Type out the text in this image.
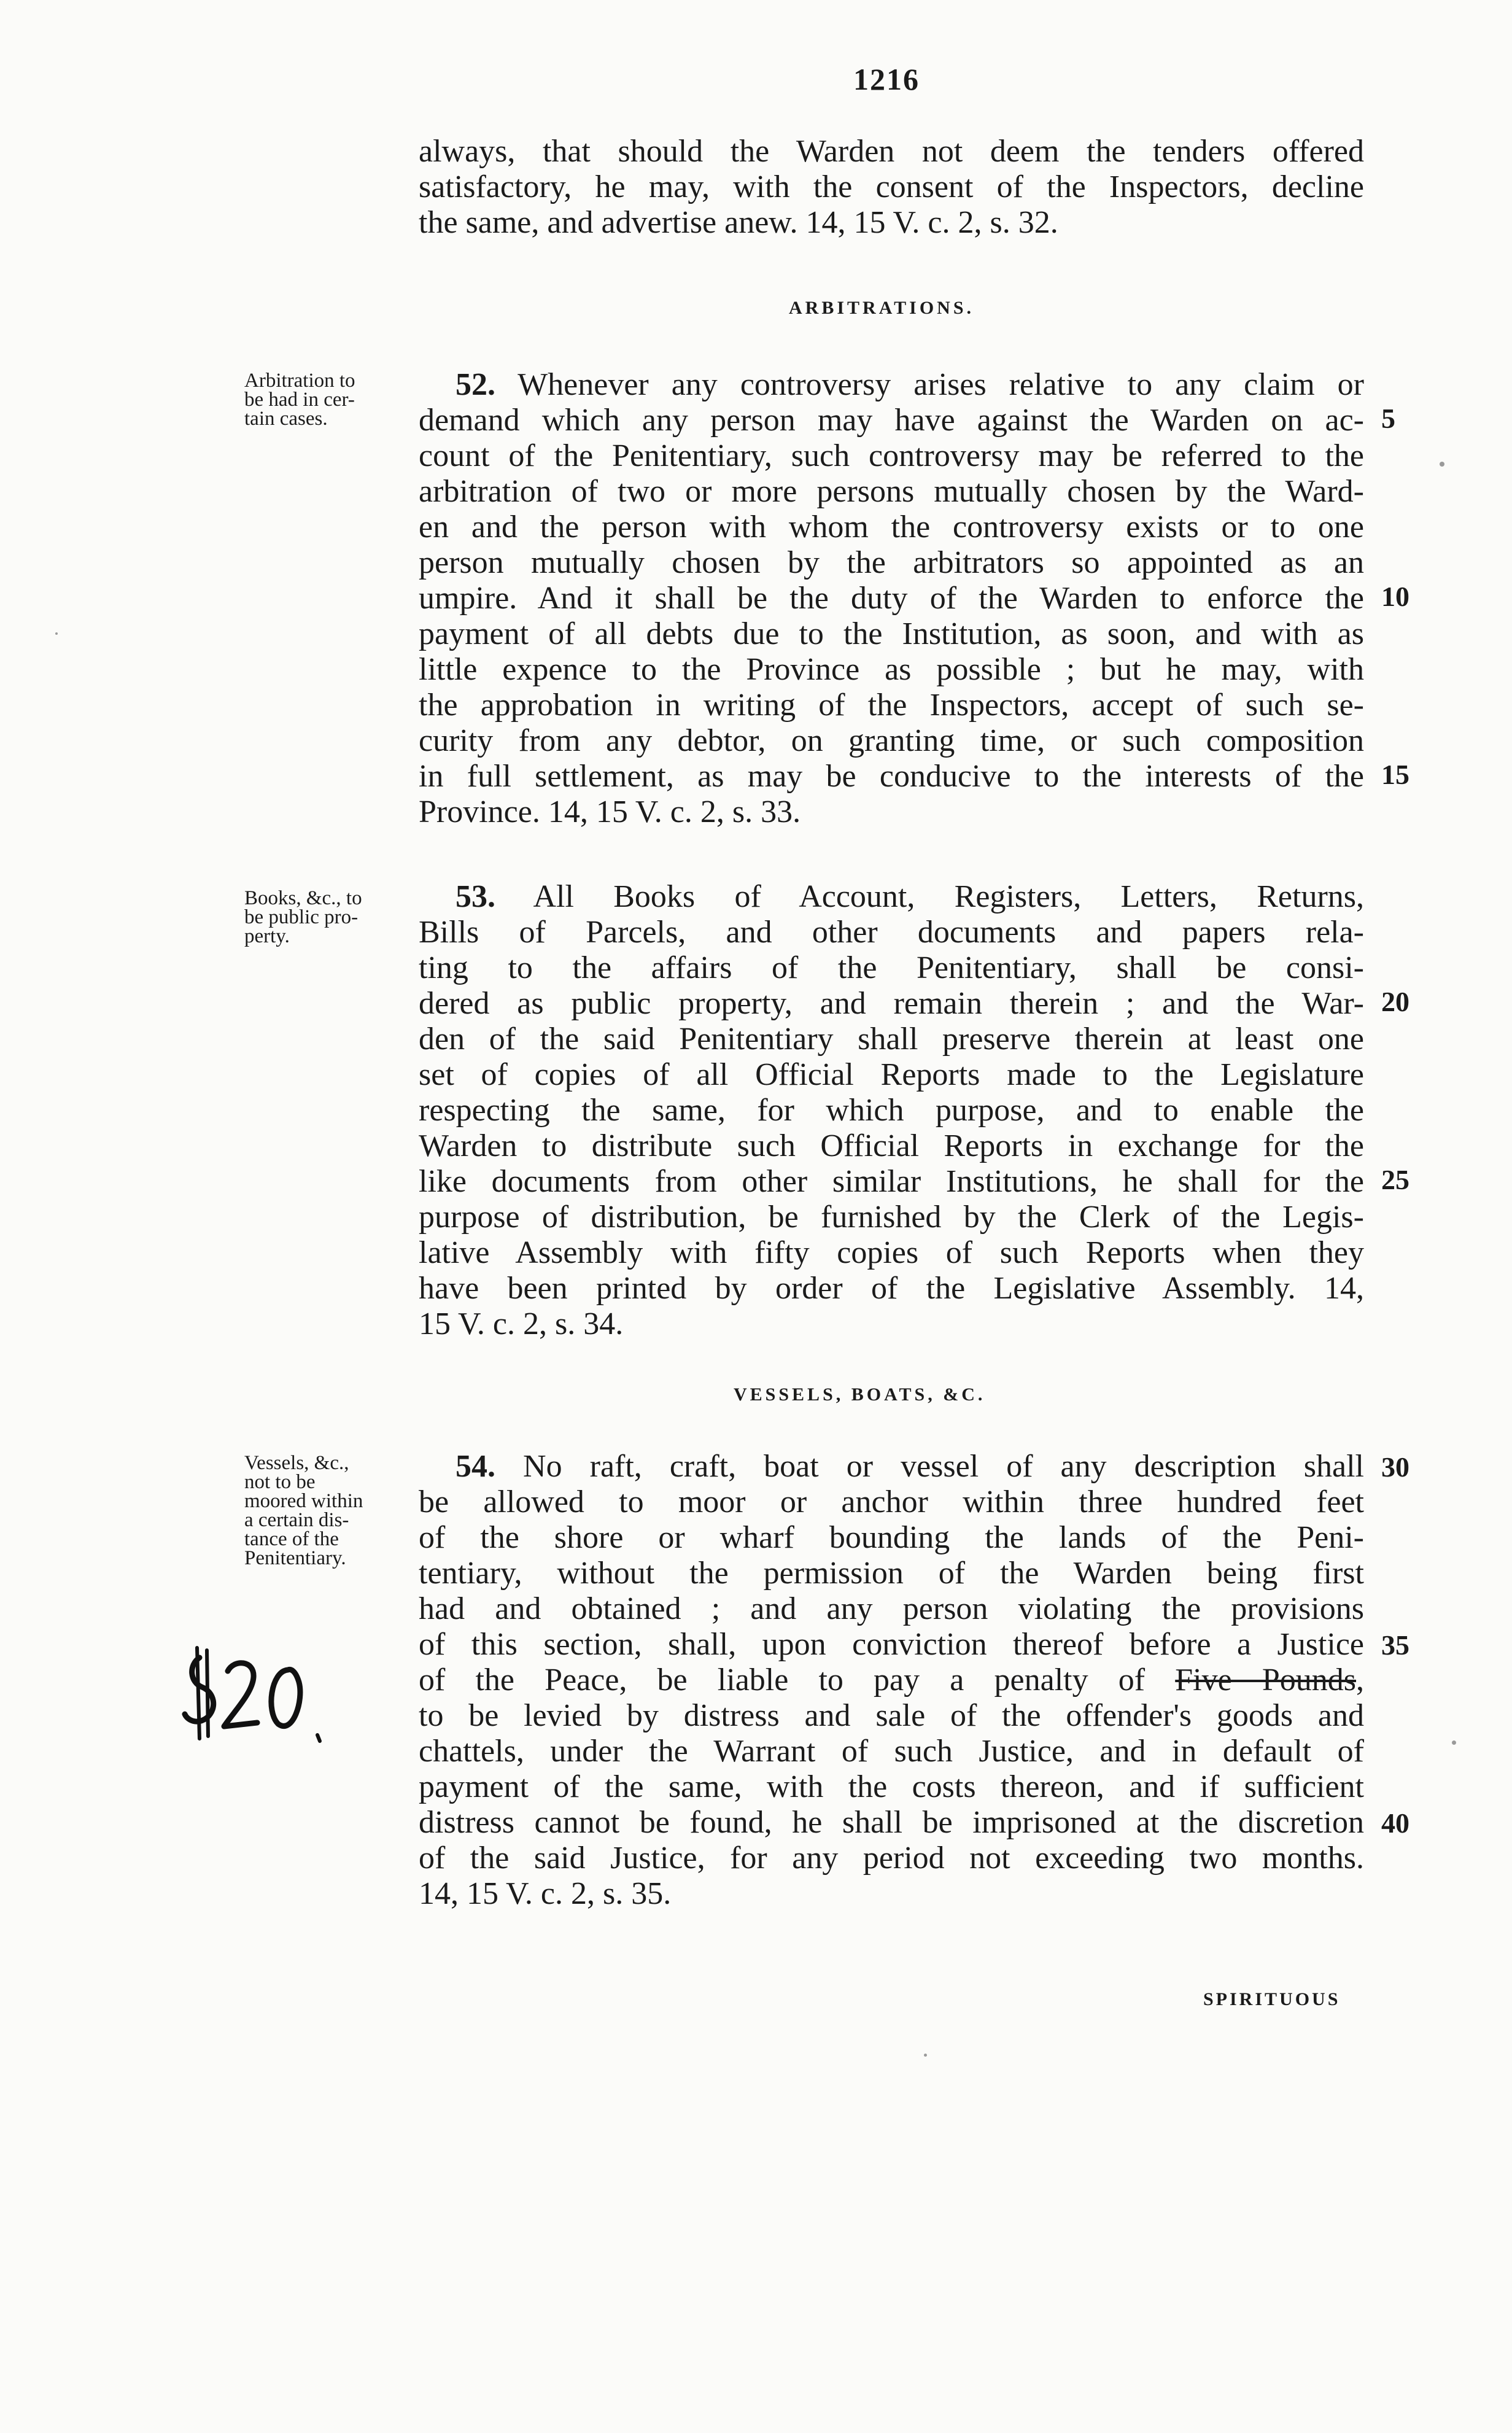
1216
always, that should the Warden not deem the tenders offered
satisfactory, he may, with the consent of the Inspectors, decline
the same, and advertise anew. 14, 15 V. c. 2, s. 32.
ARBITRATIONS.
Arbitration to
be had in cer-
tain cases.
52. Whenever any controversy arises relative to any claim or
demand which any person may have against the Warden on ac-
count of the Penitentiary, such controversy may be referred to the
arbitration of two or more persons mutually chosen by the Ward-
en and the person with whom the controversy exists or to one
person mutually chosen by the arbitrators so appointed as an
umpire. And it shall be the duty of the Warden to enforce the
payment of all debts due to the Institution, as soon, and with as
little expence to the Province as possible ; but he may, with
the approbation in writing of the Inspectors, accept of such se-
curity from any debtor, on granting time, or such composition
in full settlement, as may be conducive to the interests of the
Province. 14, 15 V. c. 2, s. 33.
Books, &c., to
be public pro-
perty.
53. All Books of Account, Registers, Letters, Returns,
Bills of Parcels, and other documents and papers rela-
ting to the affairs of the Penitentiary, shall be consi-
dered as public property, and remain therein ; and the War-
den of the said Penitentiary shall preserve therein at least one
set of copies of all Official Reports made to the Legislature
respecting the same, for which purpose, and to enable the
Warden to distribute such Official Reports in exchange for the
like documents from other similar Institutions, he shall for the
purpose of distribution, be furnished by the Clerk of the Legis-
lative Assembly with fifty copies of such Reports when they
have been printed by order of the Legislative Assembly. 14,
15 V. c. 2, s. 34.
VESSELS, BOATS, &C.
Vessels, &c.,
not to be
moored within
a certain dis-
tance of the
Penitentiary.
54. No raft, craft, boat or vessel of any description shall
be allowed to moor or anchor within three hundred feet
of the shore or wharf bounding the lands of the Peni-
tentiary, without the permission of the Warden being first
had and obtained ; and any person violating the provisions
of this section, shall, upon conviction thereof before a Justice
of the Peace, be liable to pay a penalty of Five Pounds,
to be levied by distress and sale of the offender's goods and
chattels, under the Warrant of such Justice, and in default of
payment of the same, with the costs thereon, and if sufficient
distress cannot be found, he shall be imprisoned at the discretion
of the said Justice, for any period not exceeding two months.
14, 15 V. c. 2, s. 35.
5
10
15
20
25
30
35
40
SPIRITUOUS
